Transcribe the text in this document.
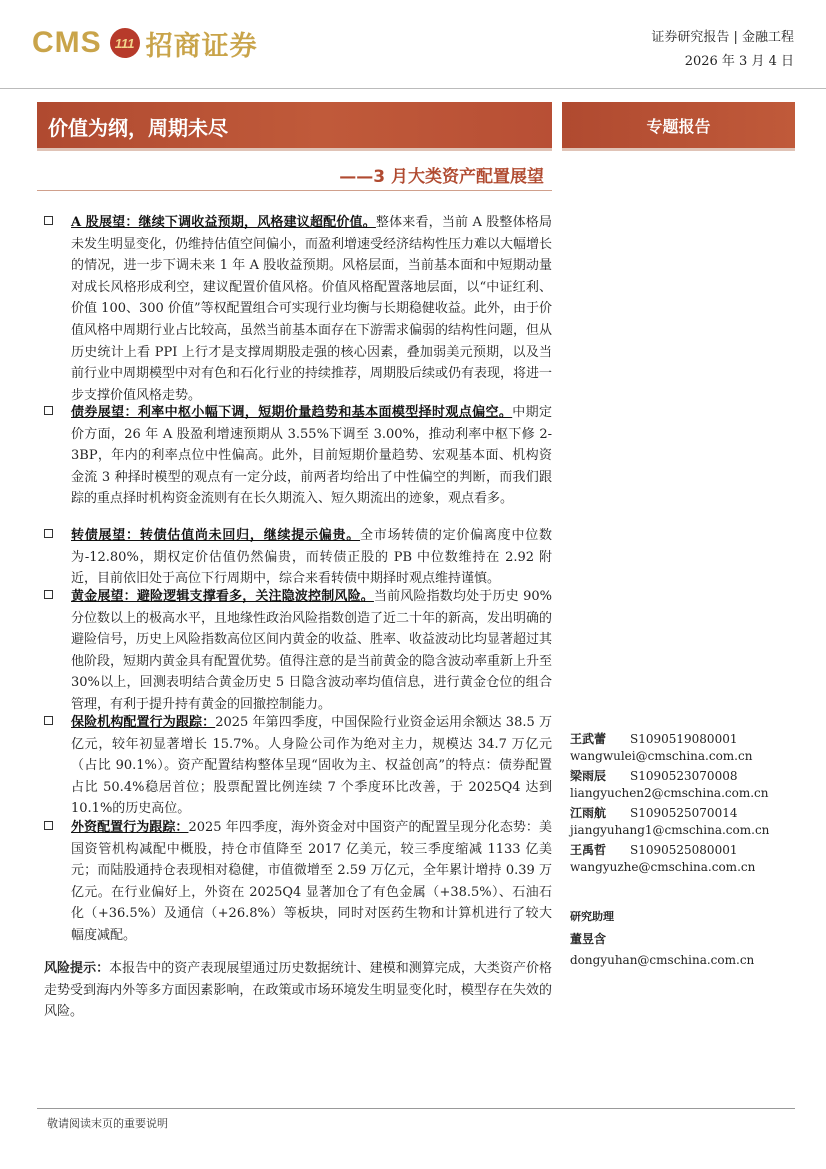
CMS	111 招商证券	证券研究报告 | 金融工程
2026 年 3 月 4 日
价值为纲，周期未尽
——3 月大类资产配置展望
专题报告
A 股展望：继续下调收益预期，风格建议超配价值。整体来看，当前 A 股整体格局未发生明显变化，仍维持估值空间偏小，而盈利增速受经济结构性压力难以大幅增长的情况，进一步下调未来 1 年 A 股收益预期。风格层面，当前基本面和中短期动量对成长风格形成利空，建议配置价值风格。价值风格配置落地层面，以“中证红利、价值 100、300 价值”等权配置组合可实现行业均衡与长期稳健收益。此外，由于价值风格中周期行业占比较高，虽然当前基本面存在下游需求偏弱的结构性问题，但从历史统计上看 PPI 上行才是支撑周期股走强的核心因素，叠加弱美元预期，以及当前行业中周期模型中对有色和石化行业的持续推荐，周期股后续或仍有表现，将进一步支撑价值风格走势。
债券展望：利率中枢小幅下调，短期价量趋势和基本面模型择时观点偏空。中期定价方面，26 年 A 股盈利增速预期从 3.55%下调至 3.00%，推动利率中枢下修 2-3BP，年内的利率点位中性偏高。此外，目前短期价量趋势、宏观基本面、机构资金流 3 种择时模型的观点有一定分歧，前两者均给出了中性偏空的判断，而我们跟踪的重点择时机构资金流则有在长久期流入、短久期流出的迹象，观点看多。
转债展望：转债估值尚未回归，继续提示偏贵。全市场转债的定价偏离度中位数为-12.80%，期权定价估值仍然偏贵，而转债正股的 PB 中位数维持在 2.92 附近，目前依旧处于高位下行周期中，综合来看转债中期择时观点维持谨慎。
黄金展望：避险逻辑支撑看多，关注隐波控制风险。当前风险指数均处于历史 90%分位数以上的极高水平，且地缘性政治风险指数创造了近二十年的新高，发出明确的避险信号，历史上风险指数高位区间内黄金的收益、胜率、收益波动比均显著超过其他阶段，短期内黄金具有配置优势。值得注意的是当前黄金的隐含波动率重新上升至 30%以上，回测表明结合黄金历史 5 日隐含波动率均值信息，进行黄金仓位的组合管理，有利于提升持有黄金的回撤控制能力。
保险机构配置行为跟踪：2025 年第四季度，中国保险行业资金运用余额达 38.5 万亿元，较年初显著增长 15.7%。人身险公司作为绝对主力，规模达 34.7 万亿元（占比 90.1%）。资产配置结构整体呈现“固收为主、权益创高”的特点：债券配置占比 50.4%稳居首位；股票配置比例连续 7 个季度环比改善，于 2025Q4 达到 10.1%的历史高位。
外资配置行为跟踪：2025 年四季度，海外资金对中国资产的配置呈现分化态势：美国资管机构减配中概股，持仓市值降至 2017 亿美元，较三季度缩减 1133 亿美元；而陆股通持仓表现相对稳健，市值微增至 2.59 万亿元，全年累计增持 0.39 万亿元。在行业偏好上，外资在 2025Q4 显著加仓了有色金属（+38.5%）、石油石化（+36.5%）及通信（+26.8%）等板块，同时对医药生物和计算机进行了较大幅度减配。
风险提示：本报告中的资产表现展望通过历史数据统计、建模和测算完成，大类资产价格走势受到海内外等多方面因素影响，在政策或市场环境发生明显变化时，模型存在失效的风险。
王武蕾 S1090519080001
wangwulei@cmschina.com.cn
梁雨辰 S1090523070008
liangyuchen2@cmschina.com.cn
江雨航 S1090525070014
jiangyuhang1@cmschina.com.cn
王禹哲 S1090525080001
wangyuzhe@cmschina.com.cn
研究助理
董昱含
dongyuhan@cmschina.com.cn
敬请阅读末页的重要说明
